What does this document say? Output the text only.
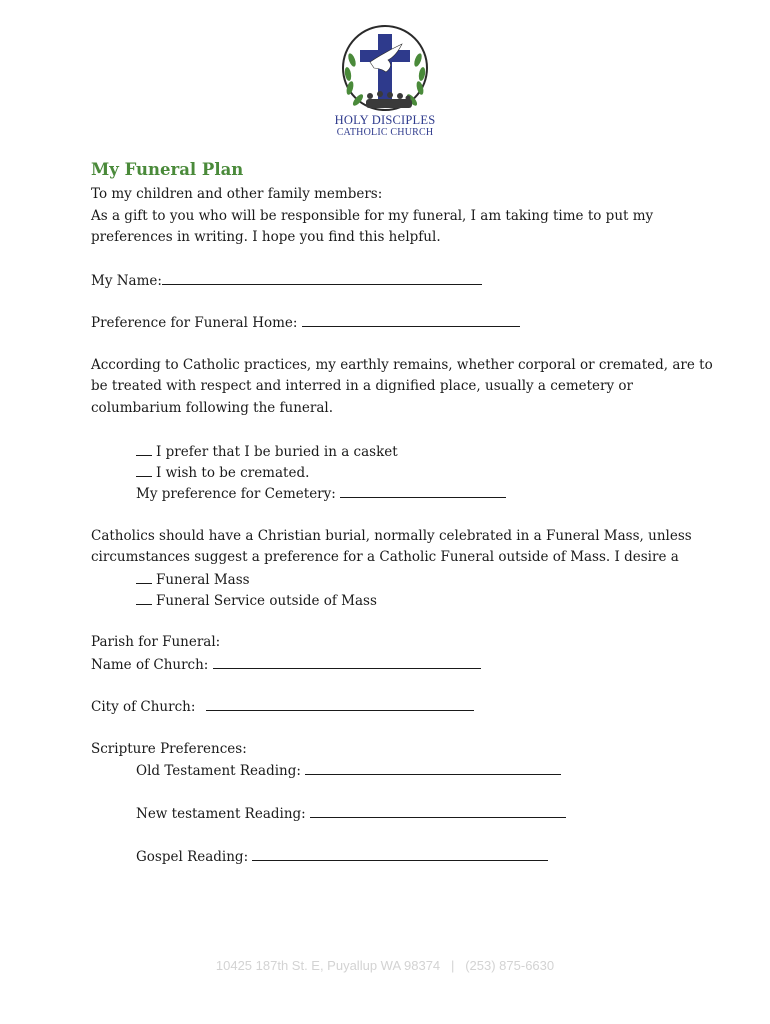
HOLY DISCIPLES
CATHOLIC CHURCH
My Funeral Plan
To my children and other family members:
As a gift to you who will be responsible for my funeral, I am taking time to put my
preferences in writing. I hope you find this helpful.
My Name:
Preference for Funeral Home:
According to Catholic practices, my earthly remains, whether corporal or cremated, are to
be treated with respect and interred in a dignified place, usually a cemetery or
columbarium following the funeral.
I prefer that I be buried in a casket
I wish to be cremated.
My preference for Cemetery:
Catholics should have a Christian burial, normally celebrated in a Funeral Mass, unless
circumstances suggest a preference for a Catholic Funeral outside of Mass. I desire a
Funeral Mass
Funeral Service outside of Mass
Parish for Funeral:
Name of Church:
City of Church:
Scripture Preferences:
Old Testament Reading:
New testament Reading:
Gospel Reading:
10425 187th St. E, Puyallup WA 98374   |   (253) 875-6630
